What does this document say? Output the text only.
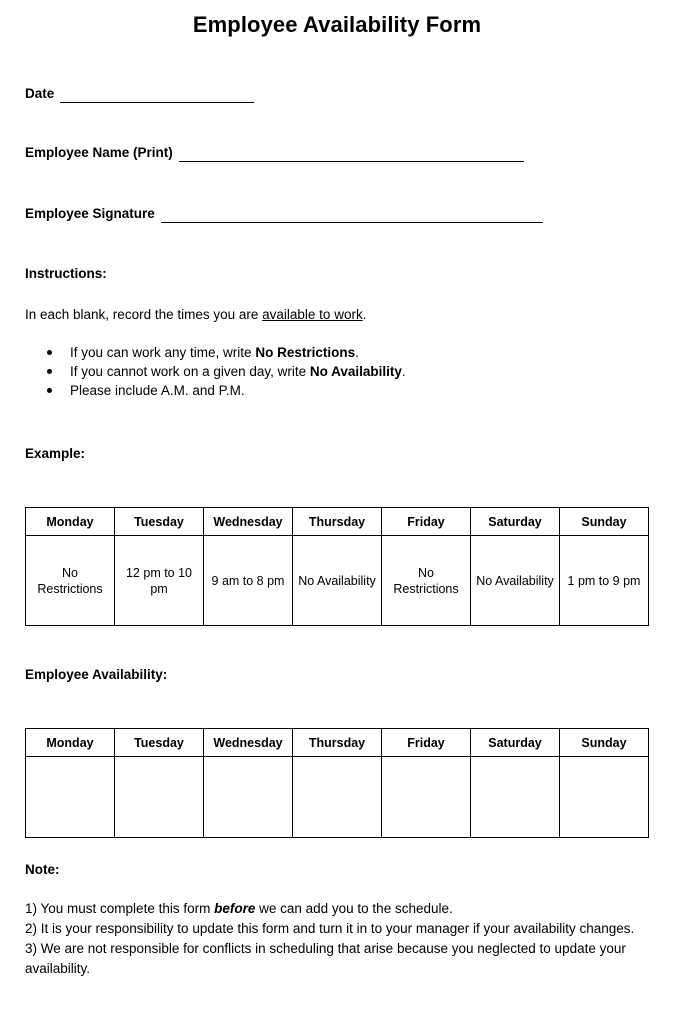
Employee Availability Form
Date
Employee Name (Print)
Employee Signature
Instructions:
In each blank, record the times you are available to work.
If you can work any time, write No Restrictions.
If you cannot work on a given day, write No Availability.
Please include A.M. and P.M.
Example:
Monday	Tuesday	Wednesday	Thursday	Friday	Saturday	Sunday

No Restrictions	12 pm to 10 pm	9 am to 8 pm	No Availability	No Restrictions	No Availability	1 pm to 9 pm
Employee Availability:
Monday	Tuesday	Wednesday	Thursday	Friday	Saturday	Sunday

Note:

1) You must complete this form before we can add you to the schedule.

2) It is your responsibility to update this form and turn it in to your manager if your availability changes.

3) We are not responsible for conflicts in scheduling that arise because you neglected to update your availability.
